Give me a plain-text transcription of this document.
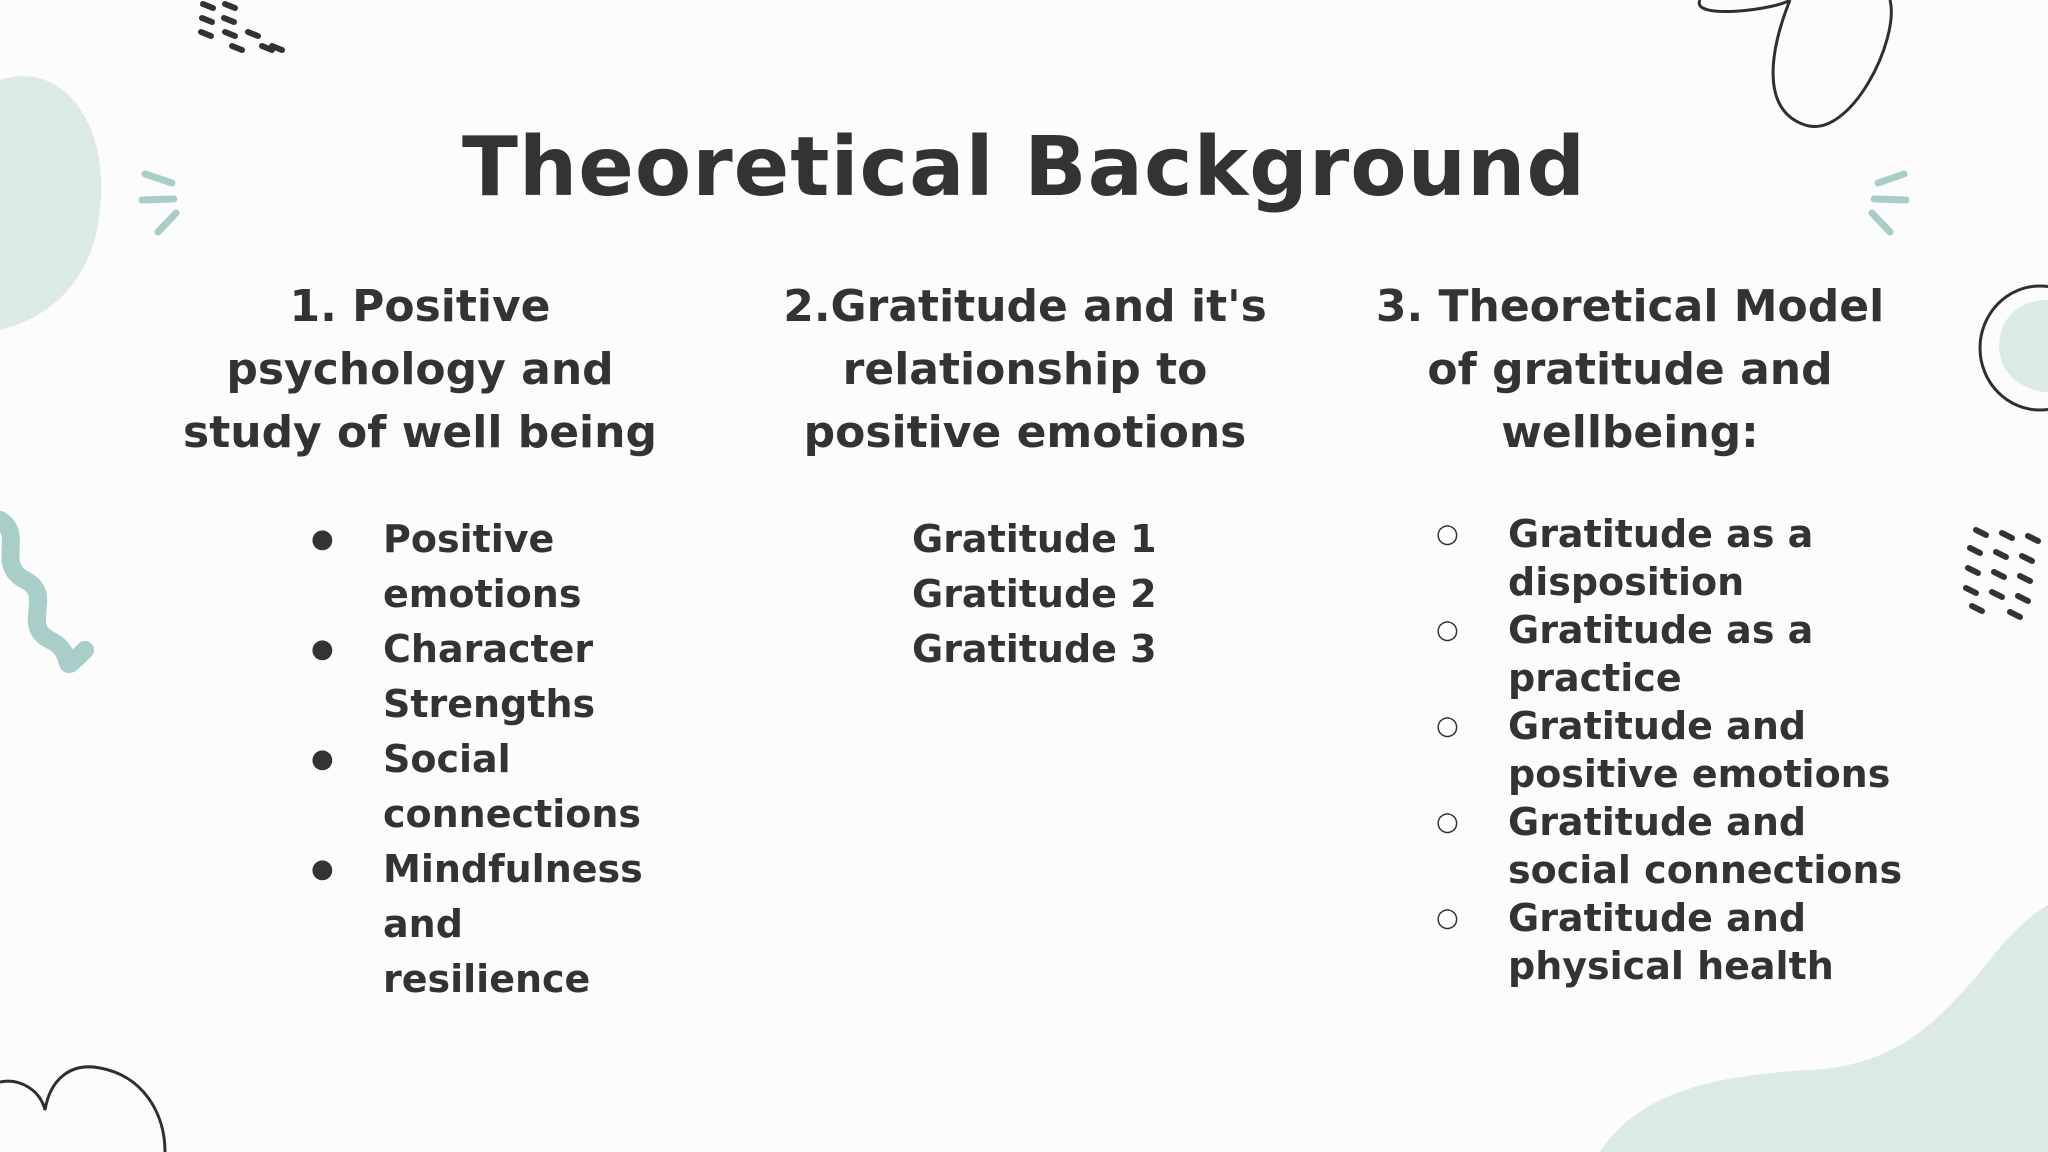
Theoretical Background

1. Positive psychology and study of well being

● Positive emotions
● Character Strengths
● Social connections
● Mindfulness and resilience

2.Gratitude and it's relationship to positive emotions

Gratitude 1
Gratitude 2
Gratitude 3

3. Theoretical Model of gratitude and wellbeing:

○ Gratitude as a disposition
○ Gratitude as a practice
○ Gratitude and positive emotions
○ Gratitude and social connections
○ Gratitude and physical health
